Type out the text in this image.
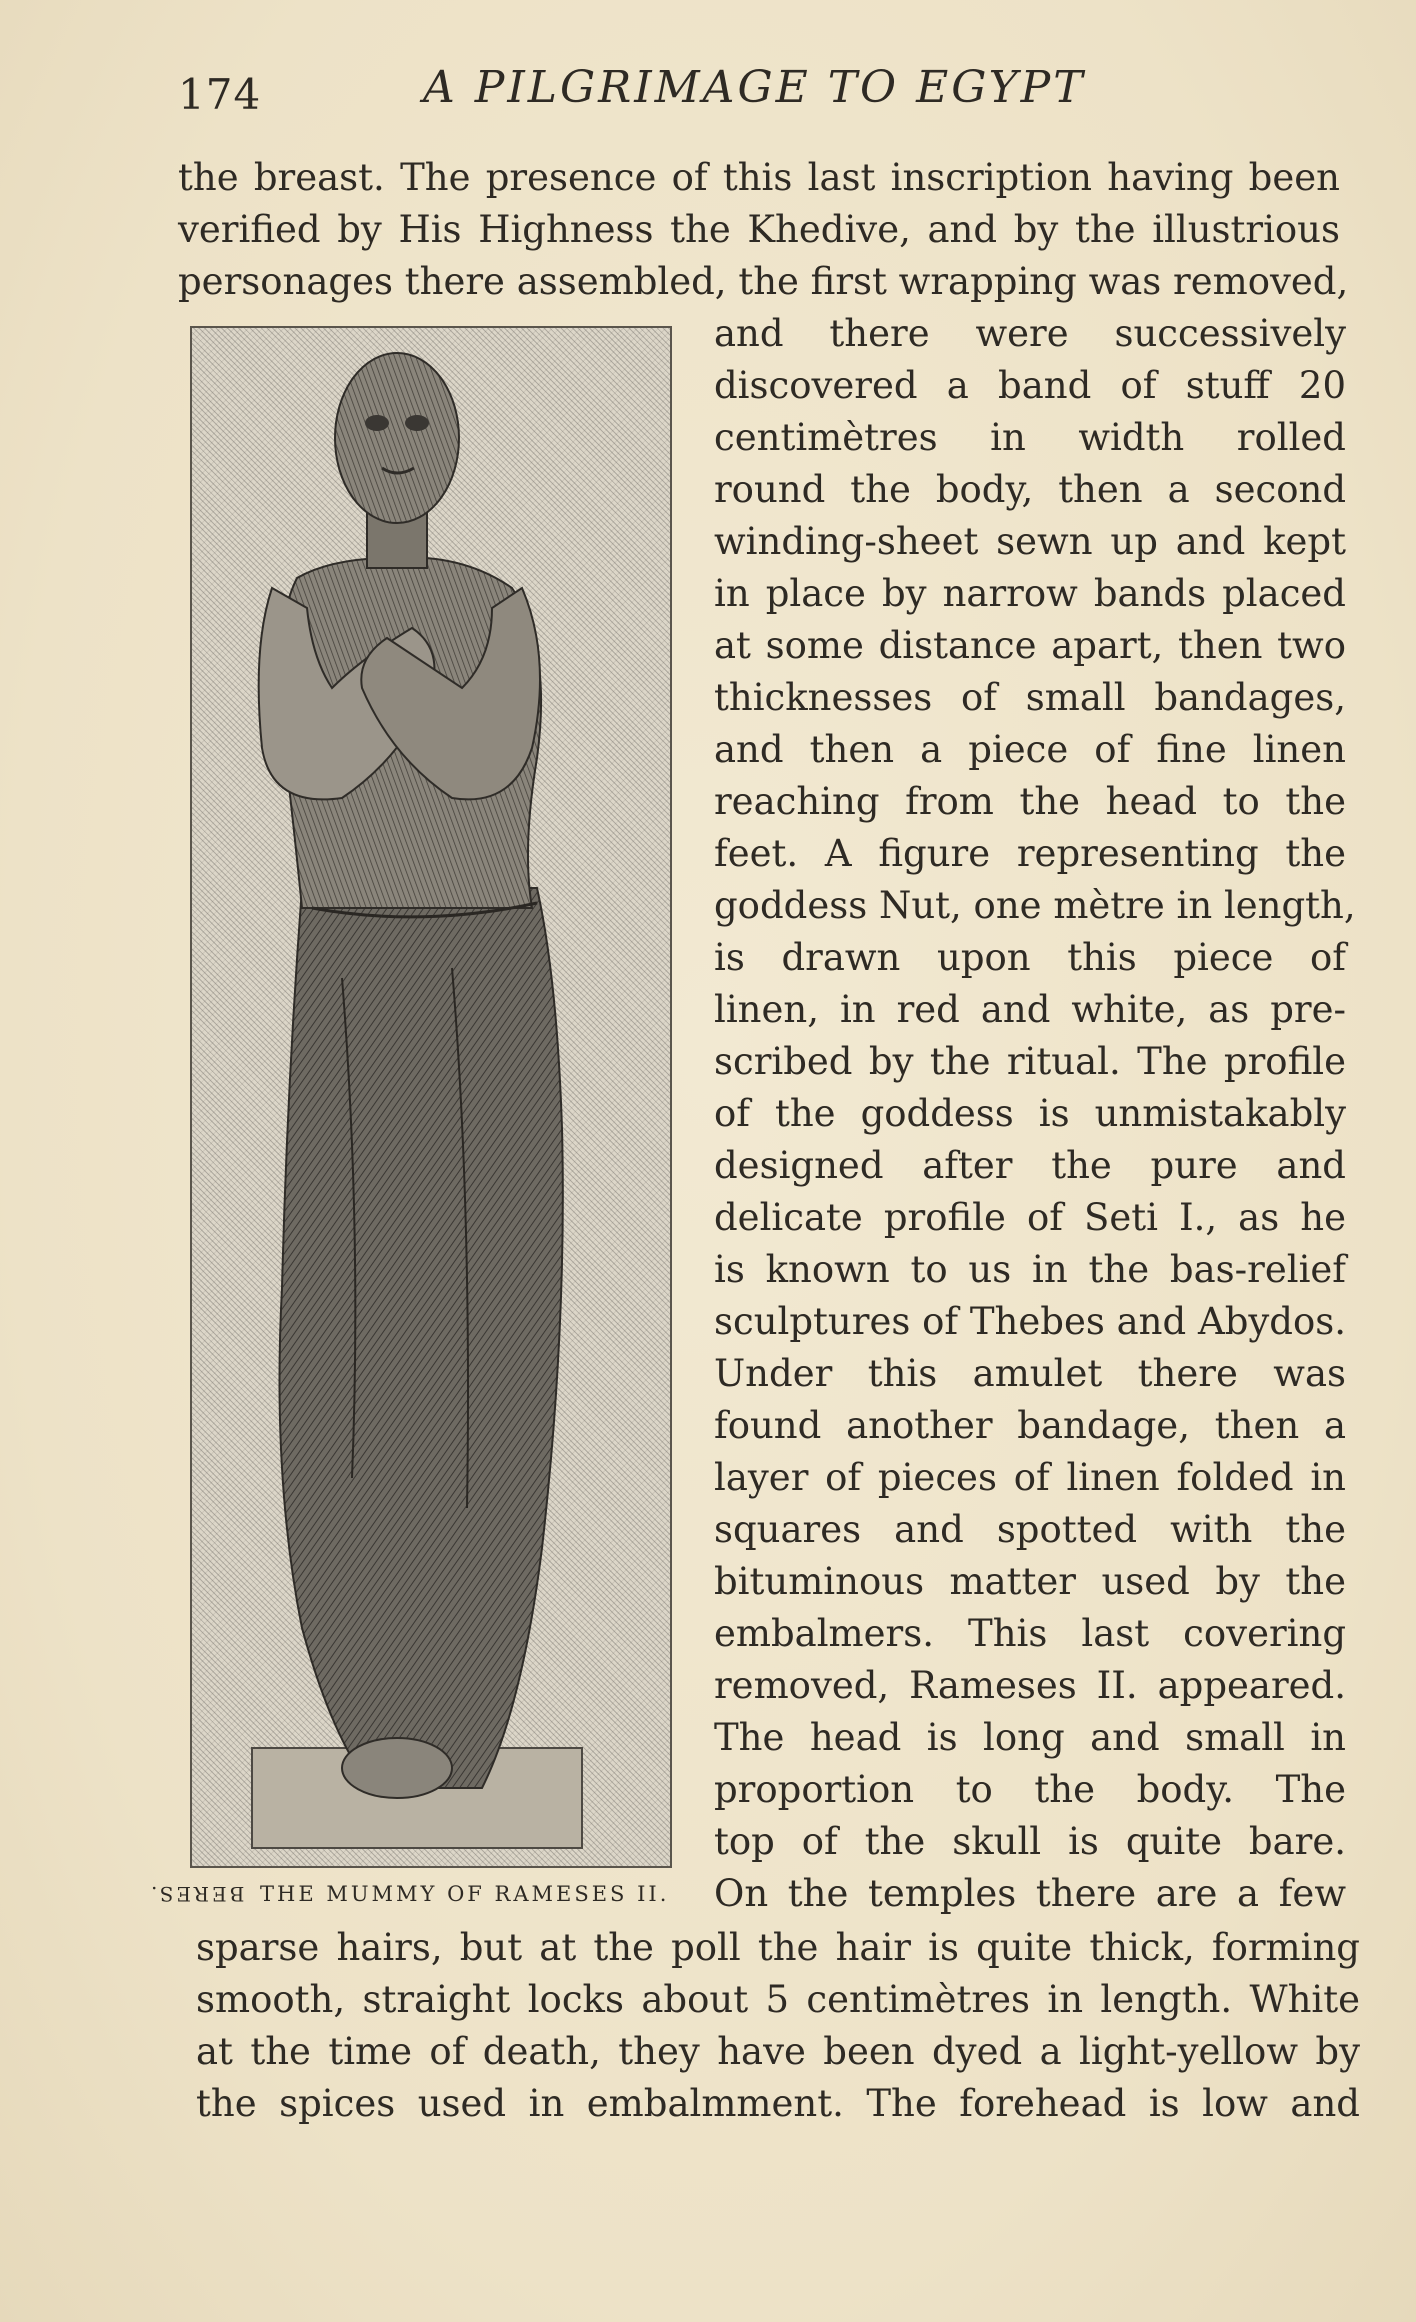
174	A PILGRIMAGE TO EGYPT
the breast. The presence of this last inscription having been
verified by His Highness the Khedive, and by the illustrious
personages there assembled, the first wrapping was removed,
BERES. THE MUMMY OF RAMESES II.
and there were successively
discovered a band of stuff 20
centimètres in width rolled
round the body, then a second
winding-sheet sewn up and kept
in place by narrow bands placed
at some distance apart, then two
thicknesses of small bandages,
and then a piece of fine linen
reaching from the head to the
feet. A figure representing the
goddess Nut, one mètre in length,
is drawn upon this piece of
linen, in red and white, as pre-
scribed by the ritual. The profile
of the goddess is unmistakably
designed after the pure and
delicate profile of Seti I., as he
is known to us in the bas-relief
sculptures of Thebes and Abydos.
Under this amulet there was
found another bandage, then a
layer of pieces of linen folded in
squares and spotted with the
bituminous matter used by the
embalmers. This last covering
removed, Rameses II. appeared.
The head is long and small in
proportion to the body. The
top of the skull is quite bare.
On the temples there are a few
sparse hairs, but at the poll the hair is quite thick, forming
smooth, straight locks about 5 centimètres in length. White
at the time of death, they have been dyed a light-yellow by
the spices used in embalmment. The forehead is low and
